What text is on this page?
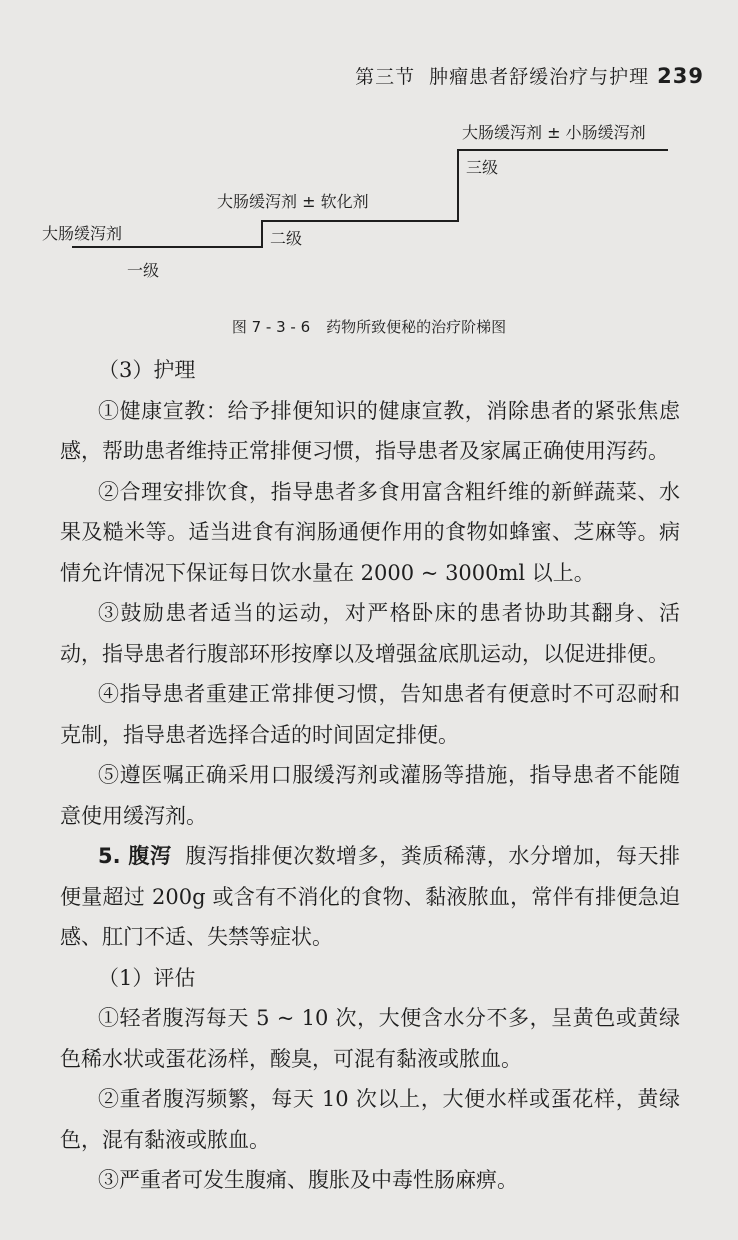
第三节 肿瘤患者舒缓治疗与护理 239
大肠缓泻剂
一级
大肠缓泻剂 ± 软化剂
二级
大肠缓泻剂 ± 小肠缓泻剂
三级
图 7 - 3 - 6 药物所致便秘的治疗阶梯图

（3）护理

①健康宣教：给予排便知识的健康宣教，消除患者的紧张焦虑感，帮助患者维持正常排便习惯，指导患者及家属正确使用泻药。

②合理安排饮食，指导患者多食用富含粗纤维的新鲜蔬菜、水果及糙米等。适当进食有润肠通便作用的食物如蜂蜜、芝麻等。病情允许情况下保证每日饮水量在 2000 ~ 3000ml 以上。

③鼓励患者适当的运动，对严格卧床的患者协助其翻身、活动，指导患者行腹部环形按摩以及增强盆底肌运动，以促进排便。

④指导患者重建正常排便习惯，告知患者有便意时不可忍耐和克制，指导患者选择合适的时间固定排便。

⑤遵医嘱正确采用口服缓泻剂或灌肠等措施，指导患者不能随意使用缓泻剂。

5. 腹泻 腹泻指排便次数增多，粪质稀薄，水分增加，每天排便量超过 200g 或含有不消化的食物、黏液脓血，常伴有排便急迫感、肛门不适、失禁等症状。

（1）评估

①轻者腹泻每天 5 ~ 10 次，大便含水分不多，呈黄色或黄绿色稀水状或蛋花汤样，酸臭，可混有黏液或脓血。

②重者腹泻频繁，每天 10 次以上，大便水样或蛋花样，黄绿色，混有黏液或脓血。

③严重者可发生腹痛、腹胀及中毒性肠麻痹。
